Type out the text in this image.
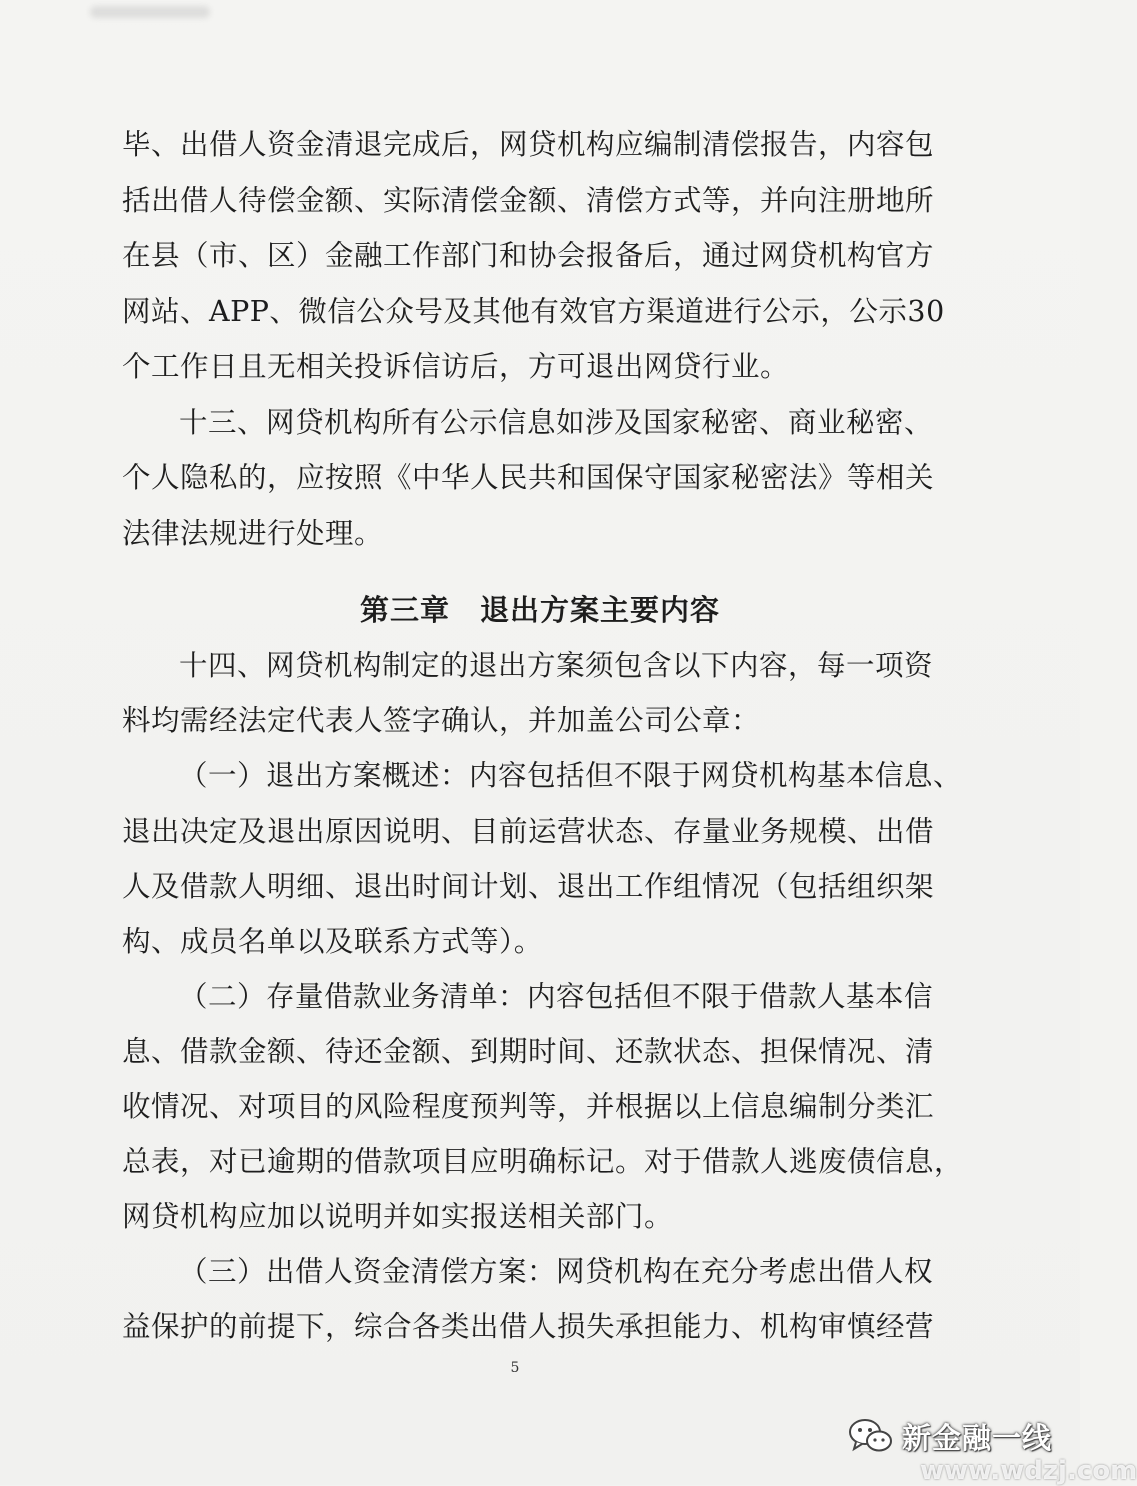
毕、出借人资金清退完成后，网贷机构应编制清偿报告，内容包
括出借人待偿金额、实际清偿金额、清偿方式等，并向注册地所
在县（市、区）金融工作部门和协会报备后，通过网贷机构官方
网站、APP、微信公众号及其他有效官方渠道进行公示，公示30
个工作日且无相关投诉信访后，方可退出网贷行业。
十三、网贷机构所有公示信息如涉及国家秘密、商业秘密、
个人隐私的，应按照《中华人民共和国保守国家秘密法》等相关
法律法规进行处理。
第三章　退出方案主要内容
十四、网贷机构制定的退出方案须包含以下内容，每一项资
料均需经法定代表人签字确认，并加盖公司公章：
（一）退出方案概述：内容包括但不限于网贷机构基本信息、
退出决定及退出原因说明、目前运营状态、存量业务规模、出借
人及借款人明细、退出时间计划、退出工作组情况（包括组织架
构、成员名单以及联系方式等）。
（二）存量借款业务清单：内容包括但不限于借款人基本信
息、借款金额、待还金额、到期时间、还款状态、担保情况、清
收情况、对项目的风险程度预判等，并根据以上信息编制分类汇
总表，对已逾期的借款项目应明确标记。对于借款人逃废债信息，
网贷机构应加以说明并如实报送相关部门。
（三）出借人资金清偿方案：网贷机构在充分考虑出借人权
益保护的前提下，综合各类出借人损失承担能力、机构审慎经营
5
新金融一线
www.wdzj.com
